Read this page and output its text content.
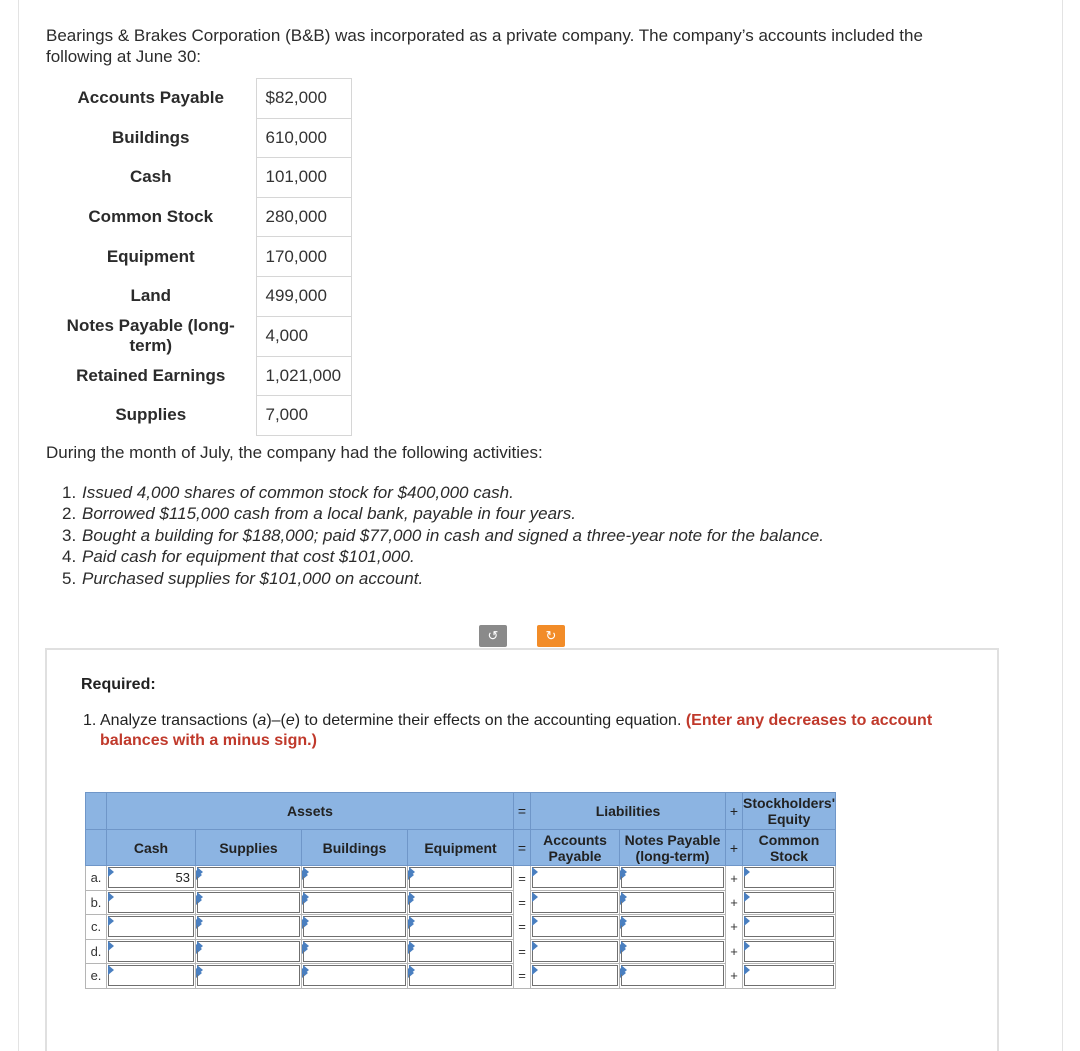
Bearings & Brakes Corporation (B&B) was incorporated as a private company. The company’s accounts included the following at June 30:

Accounts Payable	$82,000
Buildings	610,000
Cash	101,000
Common Stock	280,000
Equipment	170,000
Land	499,000
Notes Payable (long-term)	4,000
Retained Earnings	1,021,000
Supplies	7,000

During the month of July, the company had the following activities:

1. Issued 4,000 shares of common stock for $400,000 cash.
2. Borrowed $115,000 cash from a local bank, payable in four years.
3. Bought a building for $188,000; paid $77,000 in cash and signed a three-year note for the balance.
4. Paid cash for equipment that cost $101,000.
5. Purchased supplies for $101,000 on account.
↺	↻
Required:
1. Analyze transactions (a)–(e) to determine their effects on the accounting equation. (Enter any decreases to account balances with a minus sign.)
	Assets				=	Liabilities		+	Stockholders' Equity
	Cash	Supplies	Buildings	Equipment	=	Accounts Payable	Notes Payable (long-term)	+	Common Stock
a.	53				=			+	

b.					=			+	

c.					=			+	

d.					=			+	

e.					=			+	
